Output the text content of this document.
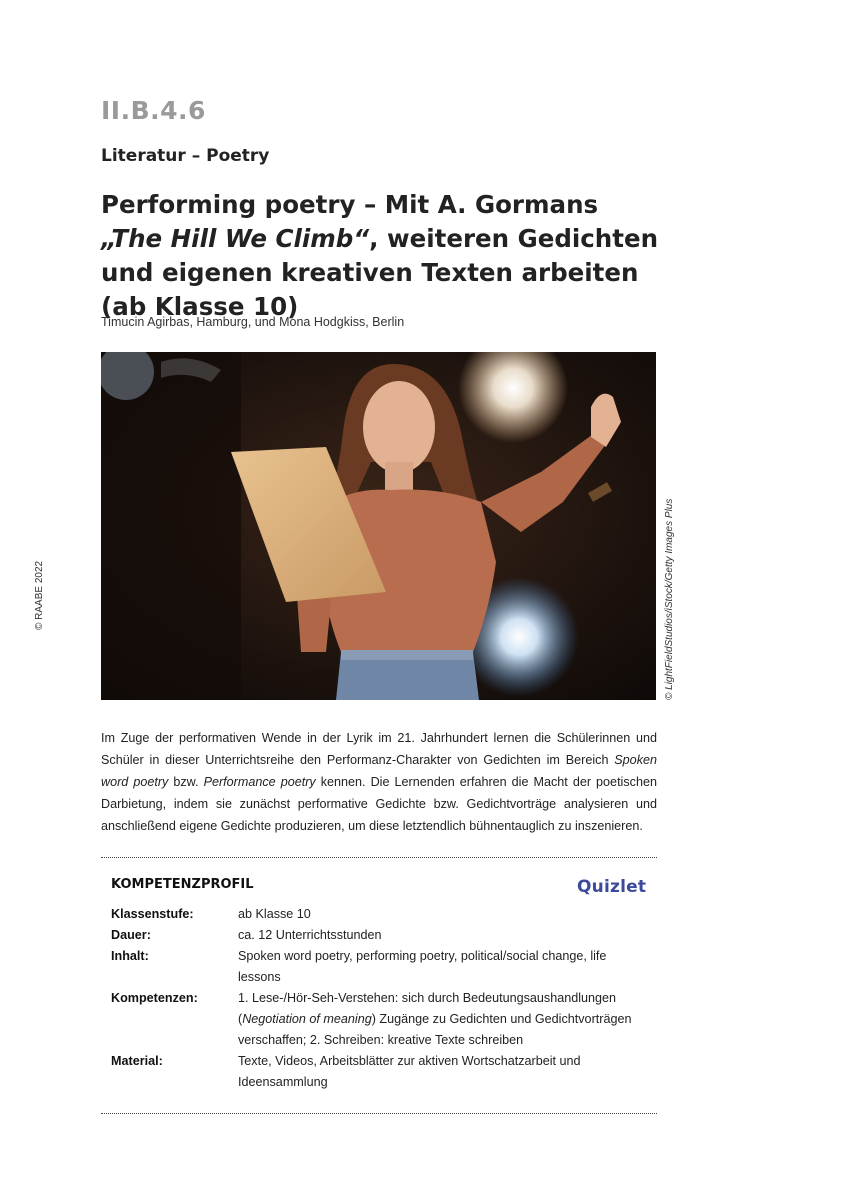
II.B.4.6
Literatur – Poetry
Performing poetry – Mit A. Gormans „The Hill We Climb“, weiteren Gedichten und eigenen kreativen Texten arbeiten (ab Klasse 10)
Timucin Agirbas, Hamburg, und Mona Hodgkiss, Berlin
© RAABE 2022	© LightFieldStudios/iStock/Getty Images Plus

Im Zuge der performativen Wende in der Lyrik im 21. Jahrhundert lernen die Schülerinnen und Schüler in dieser Unterrichtsreihe den Performanz-Charakter von Gedichten im Bereich Spoken word poetry bzw. Performance poetry kennen. Die Lernenden erfahren die Macht der poetischen Darbietung, indem sie zunächst performative Gedichte bzw. Gedichtvorträge analysieren und anschließend eigene Gedichte produzieren, um diese letztendlich bühnentauglich zu inszenieren.

KOMPETENZPROFIL	Quizlet
Klassenstufe:	ab Klasse 10
Dauer:	ca. 12 Unterrichtsstunden
Inhalt:	Spoken word poetry, performing poetry, political/social change, life lessons
Kompetenzen:	1. Lese-/Hör-Seh-Verstehen: sich durch Bedeutungsaushandlungen (Negotiation of meaning) Zugänge zu Gedichten und Gedichtvorträgen verschaffen; 2. Schreiben: kreative Texte schreiben
Material:	Texte, Videos, Arbeitsblätter zur aktiven Wortschatzarbeit und Ideensammlung
